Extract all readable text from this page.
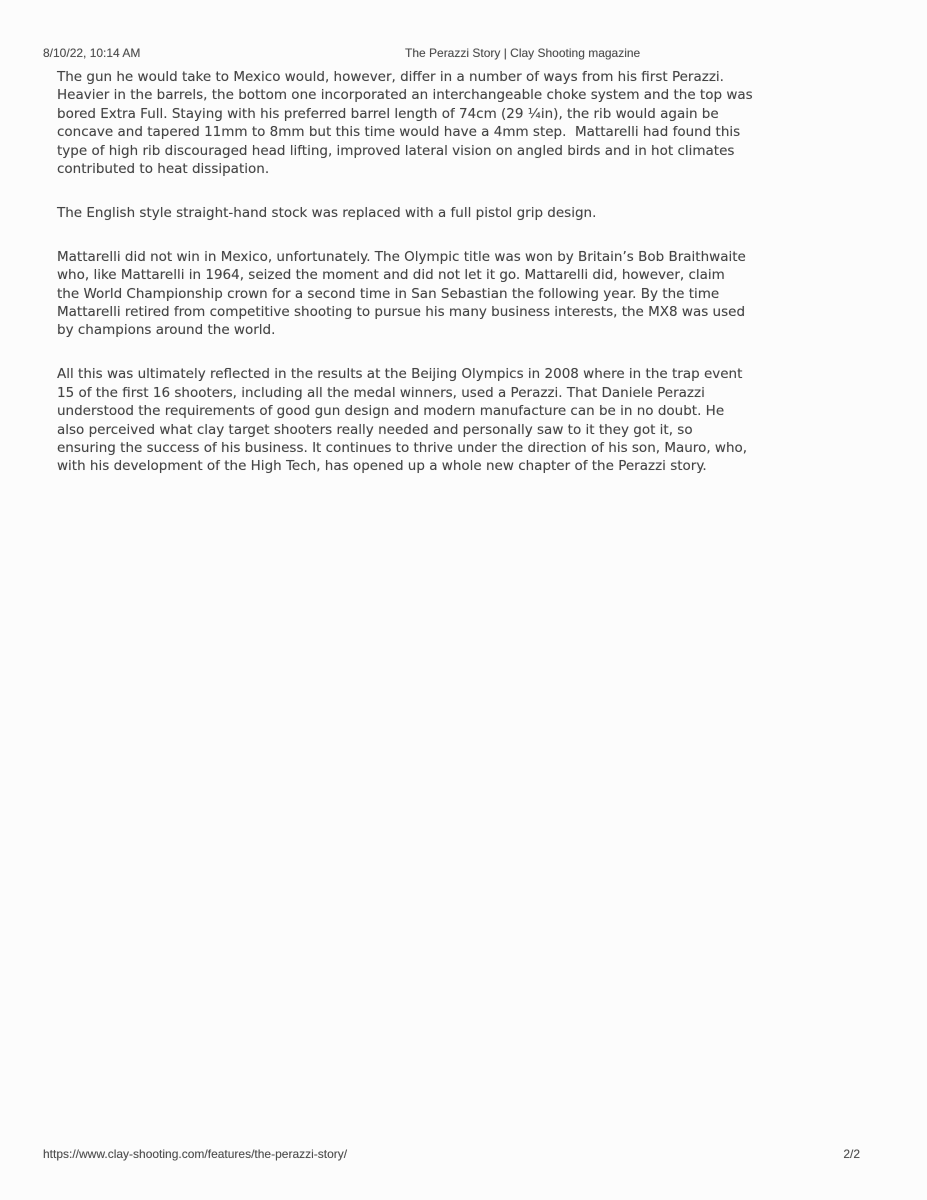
8/10/22, 10:14 AM	The Perazzi Story | Clay Shooting magazine

The gun he would take to Mexico would, however, differ in a number of ways from his first Perazzi.
Heavier in the barrels, the bottom one incorporated an interchangeable choke system and the top was
bored Extra Full. Staying with his preferred barrel length of 74cm (29 ¼in), the rib would again be
concave and tapered 11mm to 8mm but this time would have a 4mm step.  Mattarelli had found this
type of high rib discouraged head lifting, improved lateral vision on angled birds and in hot climates
contributed to heat dissipation.

The English style straight-hand stock was replaced with a full pistol grip design.

Mattarelli did not win in Mexico, unfortunately. The Olympic title was won by Britain’s Bob Braithwaite
who, like Mattarelli in 1964, seized the moment and did not let it go. Mattarelli did, however, claim
the World Championship crown for a second time in San Sebastian the following year. By the time
Mattarelli retired from competitive shooting to pursue his many business interests, the MX8 was used
by champions around the world.

All this was ultimately reflected in the results at the Beijing Olympics in 2008 where in the trap event
15 of the first 16 shooters, including all the medal winners, used a Perazzi. That Daniele Perazzi
understood the requirements of good gun design and modern manufacture can be in no doubt. He
also perceived what clay target shooters really needed and personally saw to it they got it, so
ensuring the success of his business. It continues to thrive under the direction of his son, Mauro, who,
with his development of the High Tech, has opened up a whole new chapter of the Perazzi story.

https://www.clay-shooting.com/features/the-perazzi-story/	2/2
